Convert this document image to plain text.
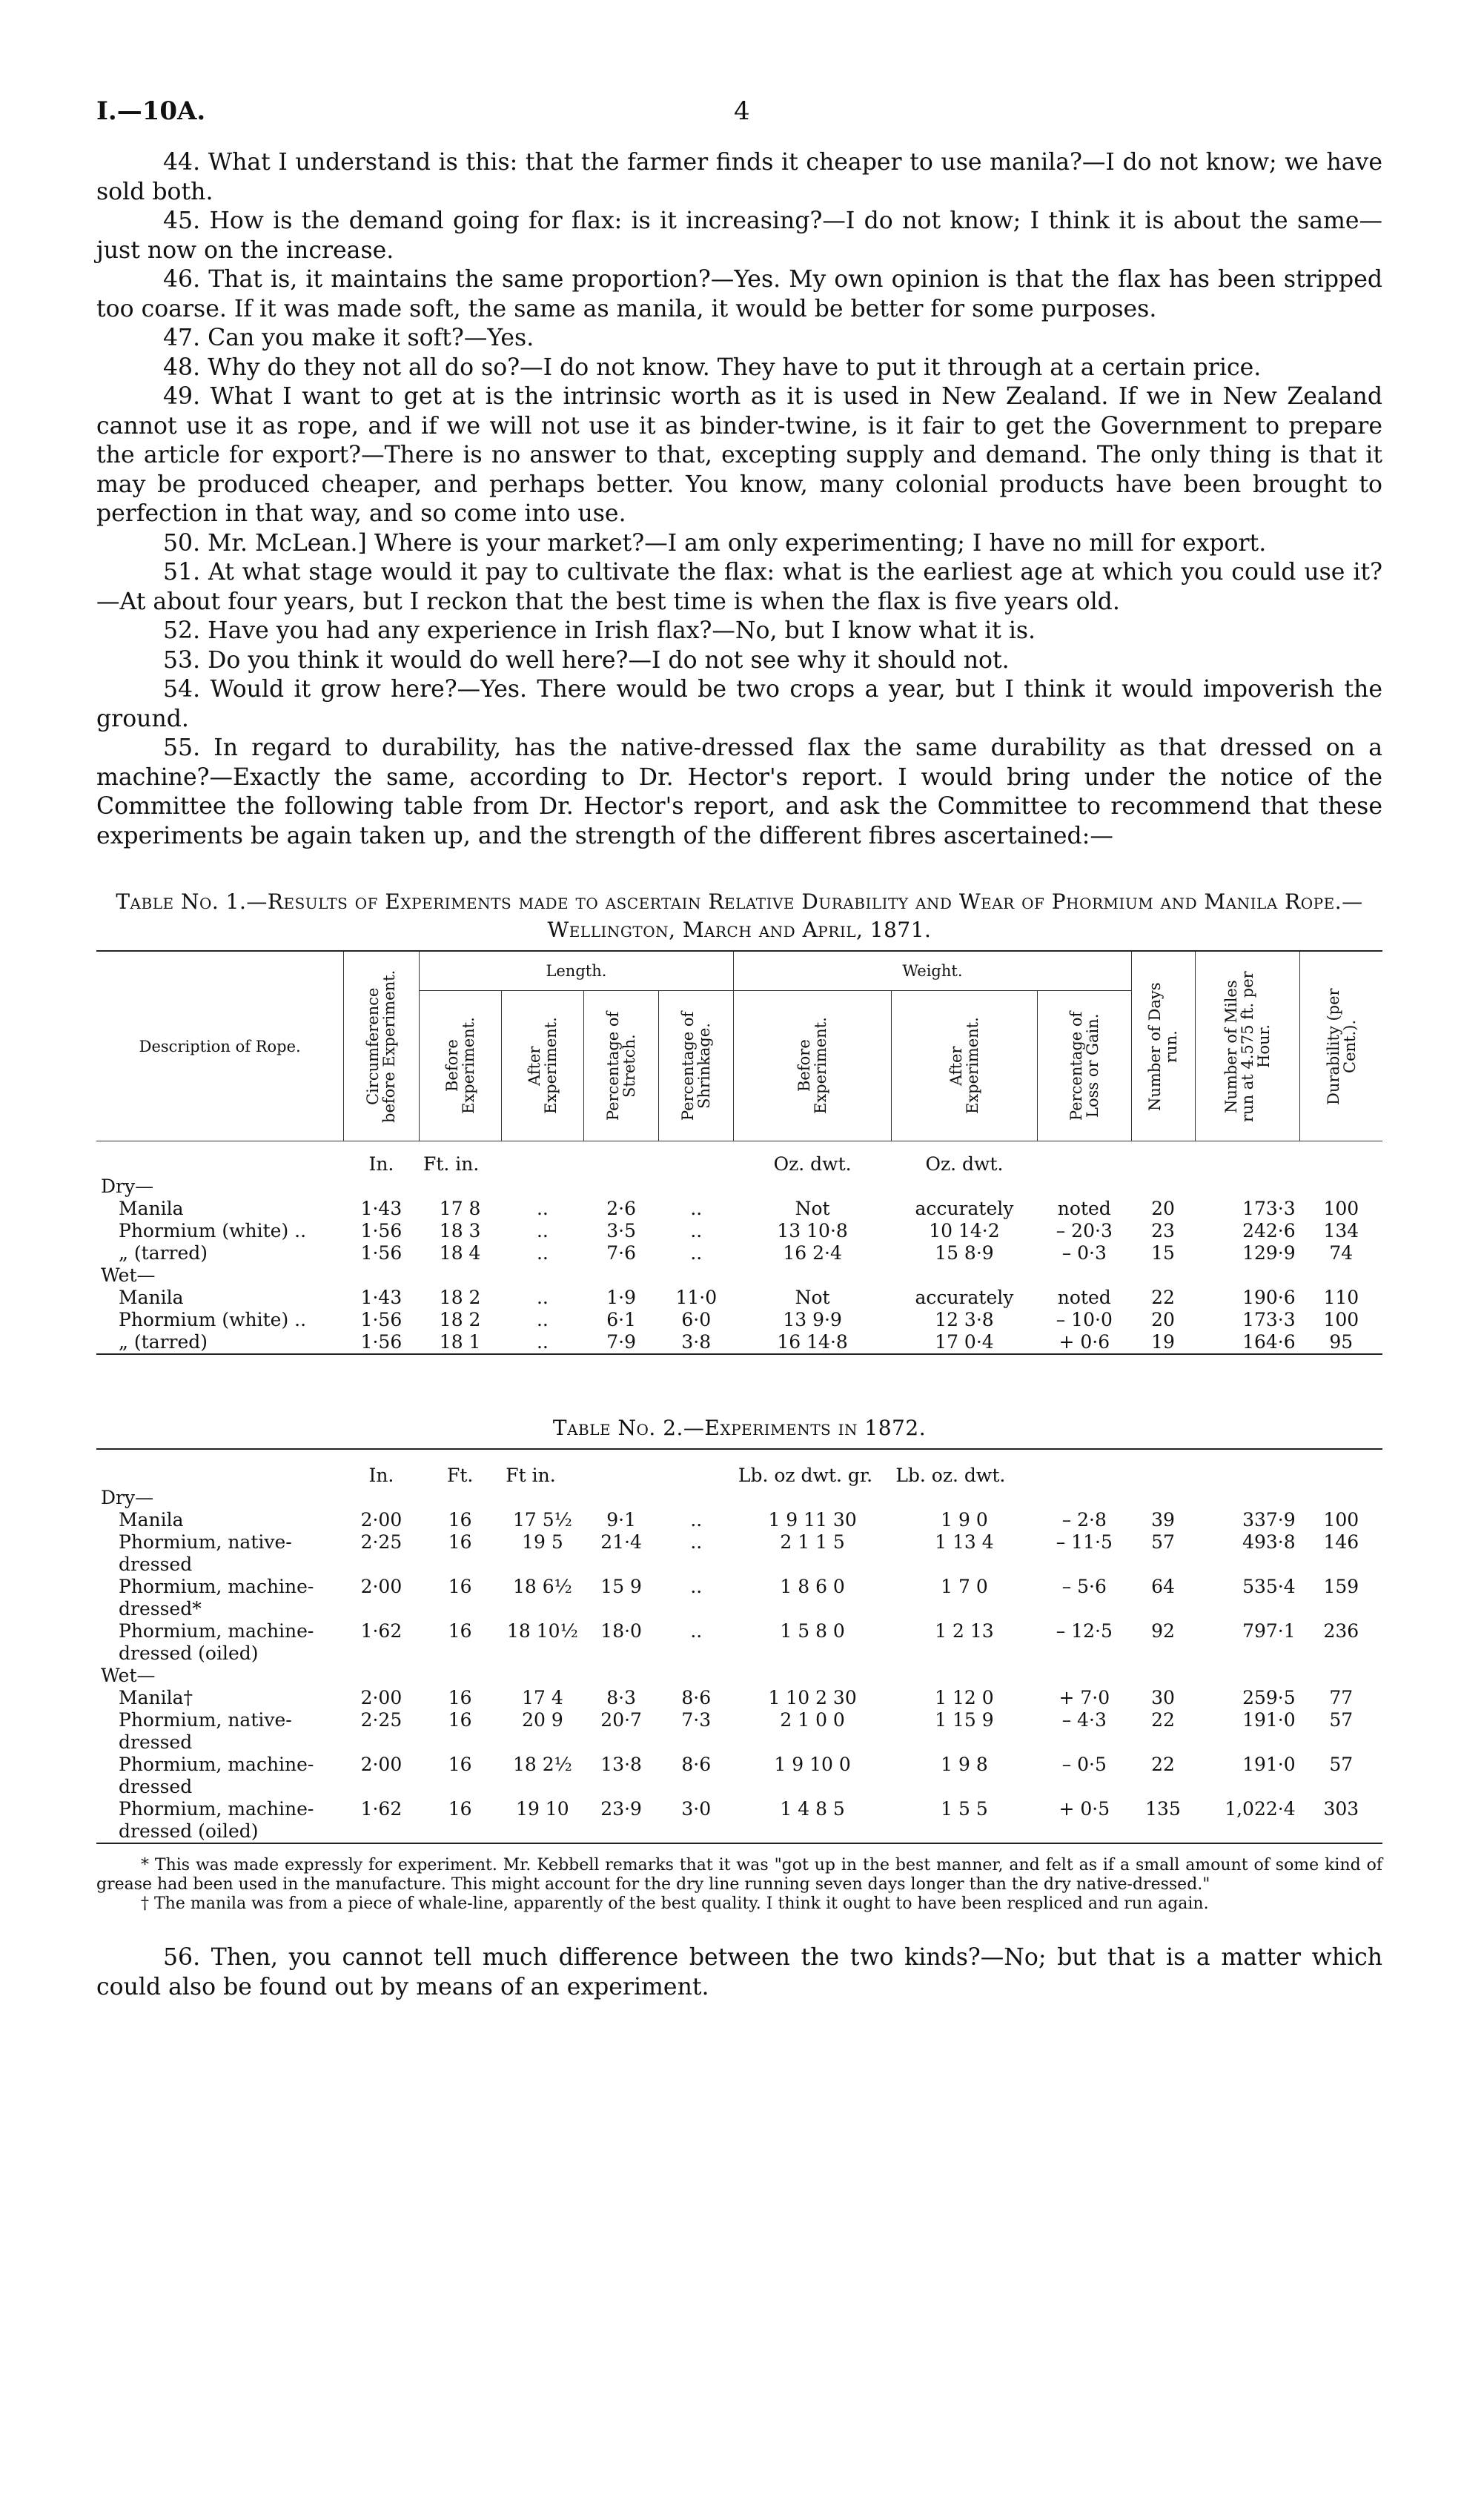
I.—10A.	4

44. What I understand is this: that the farmer finds it cheaper to use manila?—I do not know; we have sold both.

45. How is the demand going for flax: is it increasing?—I do not know; I think it is about the same—just now on the increase.

46. That is, it maintains the same proportion?—Yes. My own opinion is that the flax has been stripped too coarse. If it was made soft, the same as manila, it would be better for some purposes.

47. Can you make it soft?—Yes.

48. Why do they not all do so?—I do not know. They have to put it through at a certain price.

49. What I want to get at is the intrinsic worth as it is used in New Zealand. If we in New Zealand cannot use it as rope, and if we will not use it as binder-twine, is it fair to get the Government to prepare the article for export?—There is no answer to that, excepting supply and demand. The only thing is that it may be produced cheaper, and perhaps better. You know, many colonial products have been brought to perfection in that way, and so come into use.

50. Mr. McLean.] Where is your market?—I am only experimenting; I have no mill for export.

51. At what stage would it pay to cultivate the flax: what is the earliest age at which you could use it?—At about four years, but I reckon that the best time is when the flax is five years old.

52. Have you had any experience in Irish flax?—No, but I know what it is.

53. Do you think it would do well here?—I do not see why it should not.

54. Would it grow here?—Yes. There would be two crops a year, but I think it would impoverish the ground.

55. In regard to durability, has the native-dressed flax the same durability as that dressed on a machine?—Exactly the same, according to Dr. Hector's report. I would bring under the notice of the Committee the following table from Dr. Hector's report, and ask the Committee to recommend that these experiments be again taken up, and the strength of the different fibres ascertained:—

Table No. 1.—Results of Experiments made to ascertain Relative Durability and Wear of Phormium and Manila Rope.—Wellington, March and April, 1871.
Description of Rope.	Circumference before Experiment.	Length.				Weight.			Number of Days run.	Number of Miles run at 4.575 ft. per Hour.	Durability (per Cent.).

		Before Experiment.	After Experiment.	Percentage of Stretch.	Percentage of Shrinkage.	Before Experiment.	After Experiment.	Percentage of Loss or Gain.			

	In.	Ft. in.				Oz. dwt.	Oz. dwt.				
Dry—											
Manila	1·43	17 8	..	2·6	..	Not	accurately	noted	20	173·3	100
Phormium (white) ..	1·56	18 3	..	3·5	..	13 10·8	10 14·2	– 20·3	23	242·6	134
„ (tarred)	1·56	18 4	..	7·6	..	16 2·4	15 8·9	– 0·3	15	129·9	74
Wet—											
Manila	1·43	18 2	..	1·9	11·0	Not	accurately	noted	22	190·6	110
Phormium (white) ..	1·56	18 2	..	6·1	6·0	13 9·9	12 3·8	– 10·0	20	173·3	100
„ (tarred)	1·56	18 1	..	7·9	3·8	16 14·8	17 0·4	+ 0·6	19	164·6	95
Table No. 2.—Experiments in 1872.
	In.	Ft.	Ft in.			Lb. oz dwt. gr.	Lb. oz. dwt.				
Dry—											
Manila	2·00	16	17 5½	9·1	..	1 9 11 30	1 9 0	– 2·8	39	337·9	100
Phormium, native-dressed	2·25	16	19 5	21·4	..	2 1 1 5	1 13 4	– 11·5	57	493·8	146
Phormium, machine-dressed*	2·00	16	18 6½	15 9	..	1 8 6 0	1 7 0	– 5·6	64	535·4	159
Phormium, machine-dressed (oiled)	1·62	16	18 10½	18·0	..	1 5 8 0	1 2 13	– 12·5	92	797·1	236
Wet—											
Manila†	2·00	16	17 4	8·3	8·6	1 10 2 30	1 12 0	+ 7·0	30	259·5	77
Phormium, native-dressed	2·25	16	20 9	20·7	7·3	2 1 0 0	1 15 9	– 4·3	22	191·0	57
Phormium, machine-dressed	2·00	16	18 2½	13·8	8·6	1 9 10 0	1 9 8	– 0·5	22	191·0	57
Phormium, machine-dressed (oiled)	1·62	16	19 10	23·9	3·0	1 4 8 5	1 5 5	+ 0·5	135	1,022·4	303

* This was made expressly for experiment. Mr. Kebbell remarks that it was "got up in the best manner, and felt as if a small amount of some kind of grease had been used in the manufacture. This might account for the dry line running seven days longer than the dry native-dressed."

† The manila was from a piece of whale-line, apparently of the best quality. I think it ought to have been respliced and run again.

56. Then, you cannot tell much difference between the two kinds?—No; but that is a matter which could also be found out by means of an experiment.
